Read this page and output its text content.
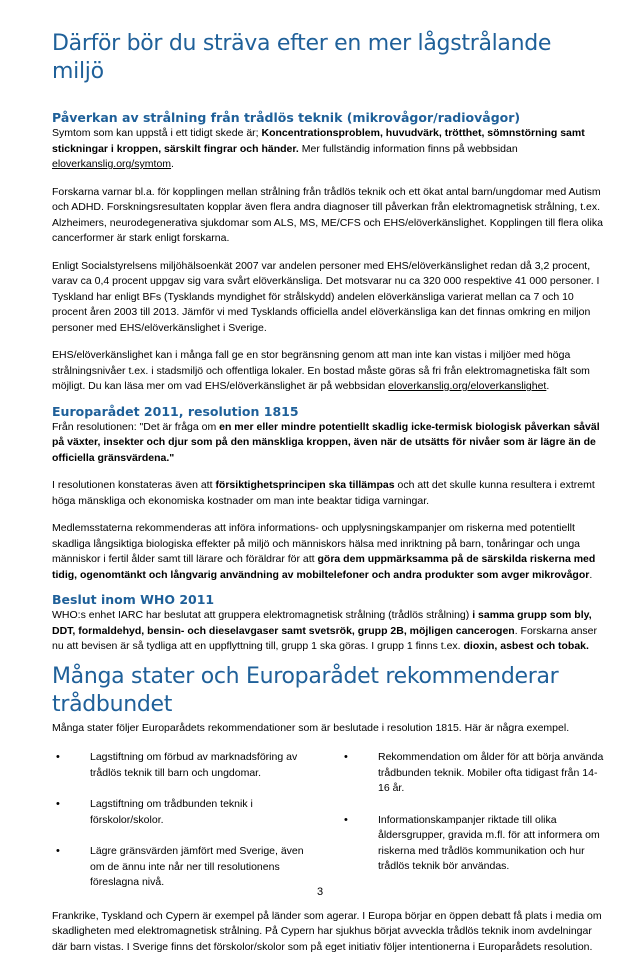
Därför bör du sträva efter en mer lågstrålande miljö
Påverkan av strålning från trådlös teknik (mikrovågor/radiovågor)

Symtom som kan uppstå i ett tidigt skede är; Koncentrationsproblem, huvudvärk, trötthet, sömnstörning samt stickningar i kroppen, särskilt fingrar och händer. Mer fullständig information finns på webbsidan eloverkanslig.org/symtom.

Forskarna varnar bl.a. för kopplingen mellan strålning från trådlös teknik och ett ökat antal barn/ungdomar med Autism och ADHD. Forskningsresultaten kopplar även flera andra diagnoser till påverkan från elektromagnetisk strålning, t.ex. Alzheimers, neurodegenerativa sjukdomar som ALS, MS, ME/CFS och EHS/elöverkänslighet. Kopplingen till flera olika cancerformer är stark enligt forskarna.

Enligt Socialstyrelsens miljöhälsoenkät 2007 var andelen personer med EHS/elöverkänslighet redan då 3,2 procent, varav ca 0,4 procent uppgav sig vara svårt elöverkänsliga. Det motsvarar nu ca 320 000 respektive 41 000 personer. I Tyskland har enligt BFs (Tysklands myndighet för strålskydd) andelen elöverkänsliga varierat mellan ca 7 och 10 procent åren 2003 till 2013. Jämför vi med Tysklands officiella andel elöverkänsliga kan det finnas omkring en miljon personer med EHS/elöverkänslighet i Sverige.

EHS/elöverkänslighet kan i många fall ge en stor begränsning genom att man inte kan vistas i miljöer med höga strålningsnivåer t.ex. i stadsmiljö och offentliga lokaler. En bostad måste göras så fri från elektromagnetiska fält som möjligt. Du kan läsa mer om vad EHS/elöverkänslighet är på webbsidan eloverkanslig.org/eloverkanslighet.

Europarådet 2011, resolution 1815

Från resolutionen: "Det är fråga om en mer eller mindre potentiellt skadlig icke-termisk biologisk påverkan såväl på växter, insekter och djur som på den mänskliga kroppen, även när de utsätts för nivåer som är lägre än de officiella gränsvärdena."

I resolutionen konstateras även att försiktighetsprincipen ska tillämpas och att det skulle kunna resultera i extremt höga mänskliga och ekonomiska kostnader om man inte beaktar tidiga varningar.

Medlemsstaterna rekommenderas att införa informations- och upplysningskampanjer om riskerna med potentiellt skadliga långsiktiga biologiska effekter på miljö och människors hälsa med inriktning på barn, tonåringar och unga människor i fertil ålder samt till lärare och föräldrar för att göra dem uppmärksamma på de särskilda riskerna med tidig, ogenomtänkt och långvarig användning av mobiltelefoner och andra produkter som avger mikrovågor.

Beslut inom WHO 2011

WHO:s enhet IARC har beslutat att gruppera elektromagnetisk strålning (trådlös strålning) i samma grupp som bly, DDT, formaldehyd, bensin- och dieselavgaser samt svetsrök, grupp 2B, möjligen cancerogen. Forskarna anser nu att bevisen är så tydliga att en uppflyttning till, grupp 1 ska göras. I grupp 1 finns t.ex. dioxin, asbest och tobak.

Många stater och Europarådet rekommenderar trådbundet

Många stater följer Europarådets rekommendationer som är beslutade i resolution 1815. Här är några exempel.

• Lagstiftning om förbud av marknadsföring av trådlös teknik till barn och ungdomar.
• Lagstiftning om trådbunden teknik i förskolor/skolor.
• Lägre gränsvärden jämfört med Sverige, även om de ännu inte når ner till resolutionens föreslagna nivå.
• Rekommendation om ålder för att börja använda trådbunden teknik. Mobiler ofta tidigast från 14-16 år.
• Informationskampanjer riktade till olika åldersgrupper, gravida m.fl. för att informera om riskerna med trådlös kommunikation och hur trådlös teknik bör användas.

Frankrike, Tyskland och Cypern är exempel på länder som agerar. I Europa börjar en öppen debatt få plats i media om skadligheten med elektromagnetisk strålning. På Cypern har sjukhus börjat avveckla trådlös teknik inom avdelningar där barn vistas. I Sverige finns det förskolor/skolor som på eget initiativ följer intentionerna i Europarådets resolution.

3
